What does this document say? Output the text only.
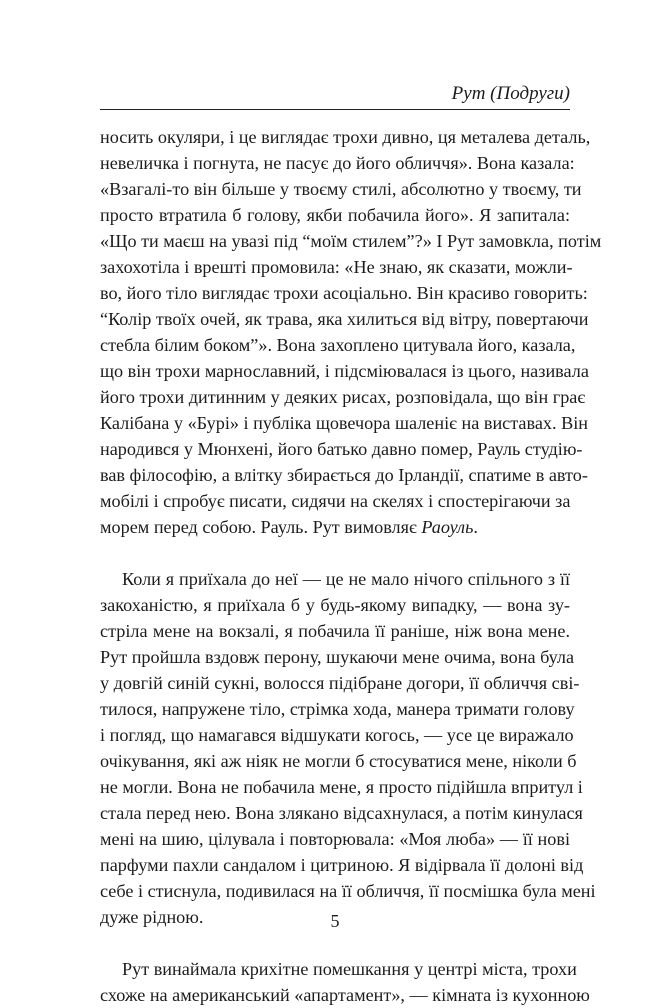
Рут (Подруги)
носить окуляри, і це виглядає трохи дивно, ця металева деталь,
невеличка і погнута, не пасує до його обличчя». Вона казала:
«Взагалі-то він більше у твоєму стилі, абсолютно у твоєму, ти
просто втратила б голову, якби побачила його». Я запитала:
«Що ти маєш на увазі під “моїм стилем”?» І Рут замовкла, потім
захохотіла і врешті промовила: «Не знаю, як сказати, можли-
во, його тіло виглядає трохи асоціально. Він красиво говорить:
“Колір твоїх очей, як трава, яка хилиться від вітру, повертаючи
стебла білим боком”». Вона захоплено цитувала його, казала,
що він трохи марнославний, і підсміювалася із цього, називала
його трохи дитинним у деяких рисах, розповідала, що він грає
Калібана у «Бурі» і публіка щовечора шаленіє на виставах. Він
народився у Мюнхені, його батько давно помер, Рауль студію-
вав філософію, а влітку збирається до Ірландії, спатиме в авто-
мобілі і спробує писати, сидячи на скелях і спостерігаючи за
морем перед собою. Рауль. Рут вимовляє Раоуль.
Коли я приїхала до неї — це не мало нічого спільного з її
закоханістю, я приїхала б у будь-якому випадку, — вона зу-
стріла мене на вокзалі, я побачила її раніше, ніж вона мене.
Рут пройшла вздовж перону, шукаючи мене очима, вона була
у довгій синій сукні, волосся підібране догори, її обличчя сві-
тилося, напружене тіло, стрімка хода, манера тримати голову
і погляд, що намагався відшукати когось, — усе це виражало
очікування, які аж ніяк не могли б стосуватися мене, ніколи б
не могли. Вона не побачила мене, я просто підійшла впритул і
стала перед нею. Вона злякано відсахнулася, а потім кинулася
мені на шию, цілувала і повторювала: «Моя люба» — її нові
парфуми пахли сандалом і цитриною. Я відірвала її долоні від
себе і стиснула, подивилася на її обличчя, її посмішка була мені
дуже рідною.
Рут винаймала крихітне помешкання у центрі міста, трохи
схоже на американський «апартамент», — кімната із кухонною
5
